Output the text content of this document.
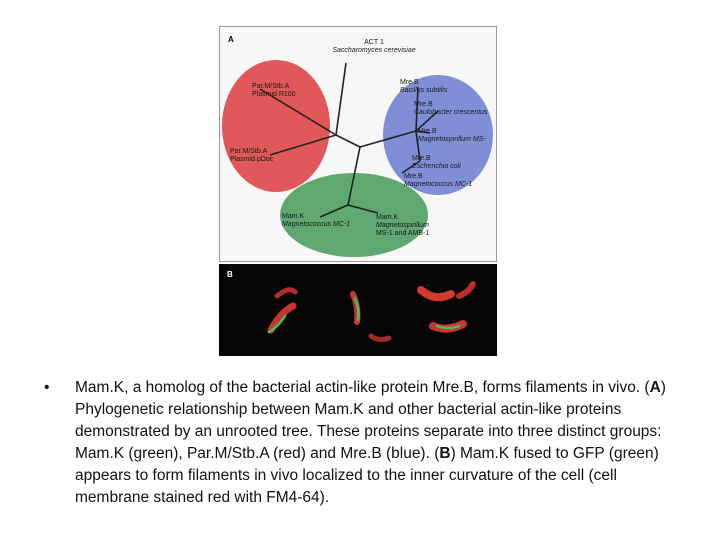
A	ACT 1
Saccharomyces cerevisiae
Par.M/Stb.A
Plasmid R100
Par.M/Stb.A
Plasmid pDoc
Mre.B
Bacillus subtilis
Mre.B
Caulobacter crescentus
Mre.B
Magnetospirillum MS-
Mre.B
Escherichia coli
Mre.B
Magnetococcus MC-1
Mam.K
Magnetococcus MC-1
Mam.K
Magnetospirillum
MS-1 and AMB-1
B
• Mam.K, a homolog of the bacterial actin-like protein Mre.B, forms filaments in vivo. (A) Phylogenetic relationship between Mam.K and other bacterial actin-like proteins demonstrated by an unrooted tree. These proteins separate into three distinct groups: Mam.K (green), Par.M/Stb.A (red) and Mre.B (blue). (B) Mam.K fused to GFP (green) appears to form filaments in vivo localized to the inner curvature of the cell (cell membrane stained red with FM4-64).
